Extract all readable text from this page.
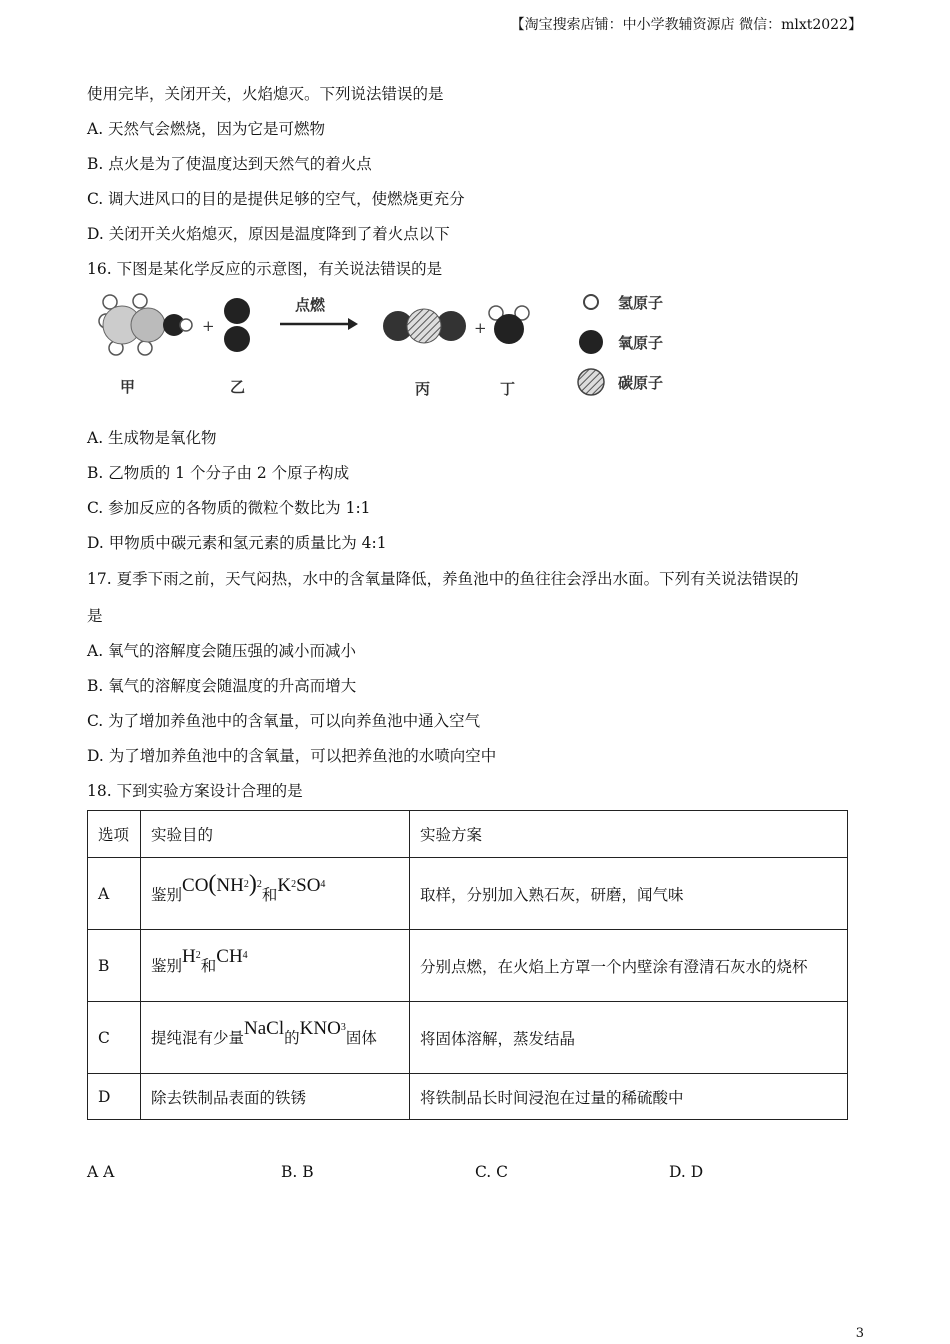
【淘宝搜索店铺：中小学教辅资源店 微信：mlxt2022】
使用完毕，关闭开关，火焰熄灭。下列说法错误的是
A. 天然气会燃烧，因为它是可燃物
B. 点火是为了使温度达到天然气的着火点
C. 调大进风口的目的是提供足够的空气，使燃烧更充分
D. 关闭开关火焰熄灭，原因是温度降到了着火点以下
16. 下图是某化学反应的示意图，有关说法错误的是
+
点燃
+
甲	乙	丙	丁
氢原子
氧原子
碳原子
A. 生成物是氧化物
B. 乙物质的 1 个分子由 2 个原子构成
C. 参加反应的各物质的微粒个数比为 1:1
D. 甲物质中碳元素和氢元素的质量比为 4:1
17. 夏季下雨之前，天气闷热，水中的含氧量降低，养鱼池中的鱼往往会浮出水面。下列有关说法错误的
是
A. 氧气的溶解度会随压强的减小而减小
B. 氧气的溶解度会随温度的升高而增大
C. 为了增加养鱼池中的含氧量，可以向养鱼池中通入空气
D. 为了增加养鱼池中的含氧量，可以把养鱼池的水喷向空中
18. 下到实验方案设计合理的是
选项	实验目的	实验方案
A	鉴别$CO(NH_2)_2$和$K_2SO_4$	取样，分别加入熟石灰，研磨，闻气味
B	鉴别$H_2$和$CH_4$	分别点燃，在火焰上方罩一个内壁涂有澄清石灰水的烧杯
C	提纯混有少量NaCl的$KNO_3$固体	将固体溶解，蒸发结晶
D	除去铁制品表面的铁锈	将铁制品长时间浸泡在过量的稀硫酸中
A A	B. B	C. C	D. D
3
